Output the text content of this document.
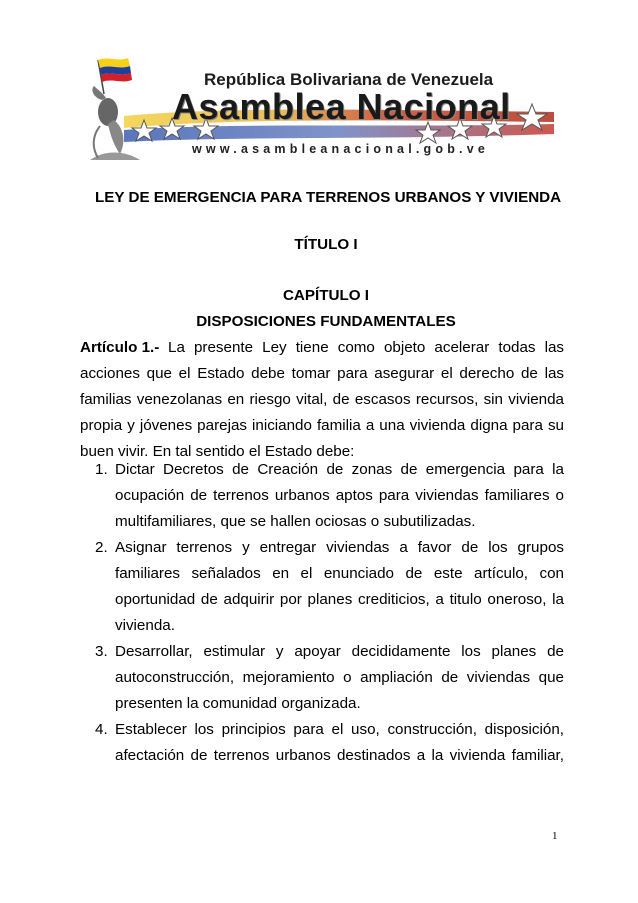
República Bolivariana de Venezuela
Asamblea Nacional
www.asambleanacional.gob.ve
LEY DE EMERGENCIA PARA TERRENOS URBANOS Y VIVIENDA
TÍTULO I
CAPÍTULO I
DISPOSICIONES FUNDAMENTALES
Artículo 1.- La presente Ley tiene como objeto acelerar todas las
acciones que el Estado debe tomar para asegurar el derecho de las
familias venezolanas en riesgo vital, de escasos recursos, sin vivienda
propia y jóvenes parejas iniciando familia a una vivienda digna para su
buen vivir. En tal sentido el Estado debe:
1. Dictar Decretos de Creación de zonas de emergencia para la
ocupación de terrenos urbanos aptos para viviendas familiares o
multifamiliares, que se hallen ociosas o subutilizadas.
2. Asignar terrenos y entregar viviendas a favor de los grupos
familiares señalados en el enunciado de este artículo, con
oportunidad de adquirir por planes crediticios, a titulo oneroso, la
vivienda.
3. Desarrollar, estimular y apoyar decididamente los planes de
autoconstrucción, mejoramiento o ampliación de viviendas que
presenten la comunidad organizada.
4. Establecer los principios para el uso, construcción, disposición,
afectación de terrenos urbanos destinados a la vivienda familiar,
1
